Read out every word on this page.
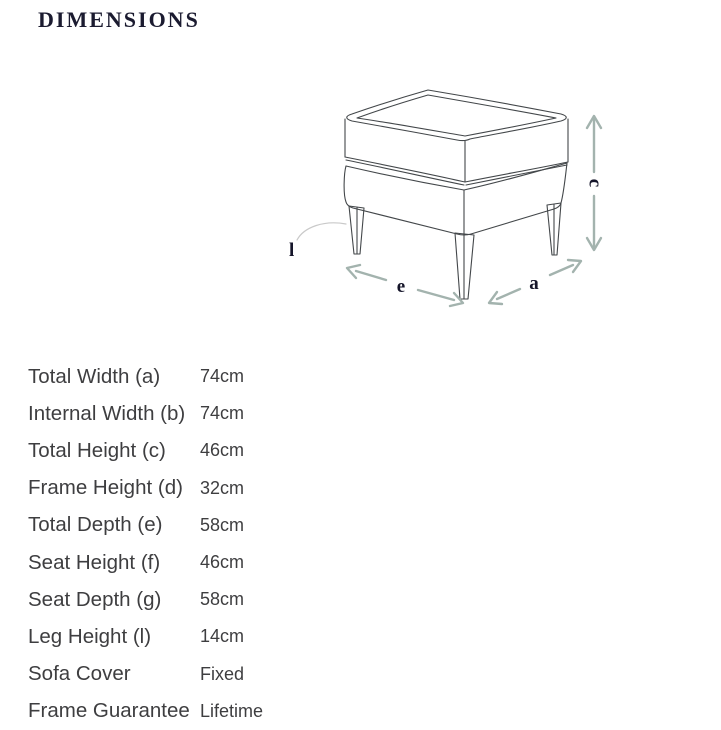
DIMENSIONS
c
e	a
l
Total Width (a)	74cm
Internal Width (b) 74cm
Total Height (c)	46cm
Frame Height (d) 32cm
Total Depth (e)	58cm
Seat Height (f)	46cm
Seat Depth (g)	58cm
Leg Height (l)	14cm
Sofa Cover	Fixed
Frame Guarantee Lifetime
